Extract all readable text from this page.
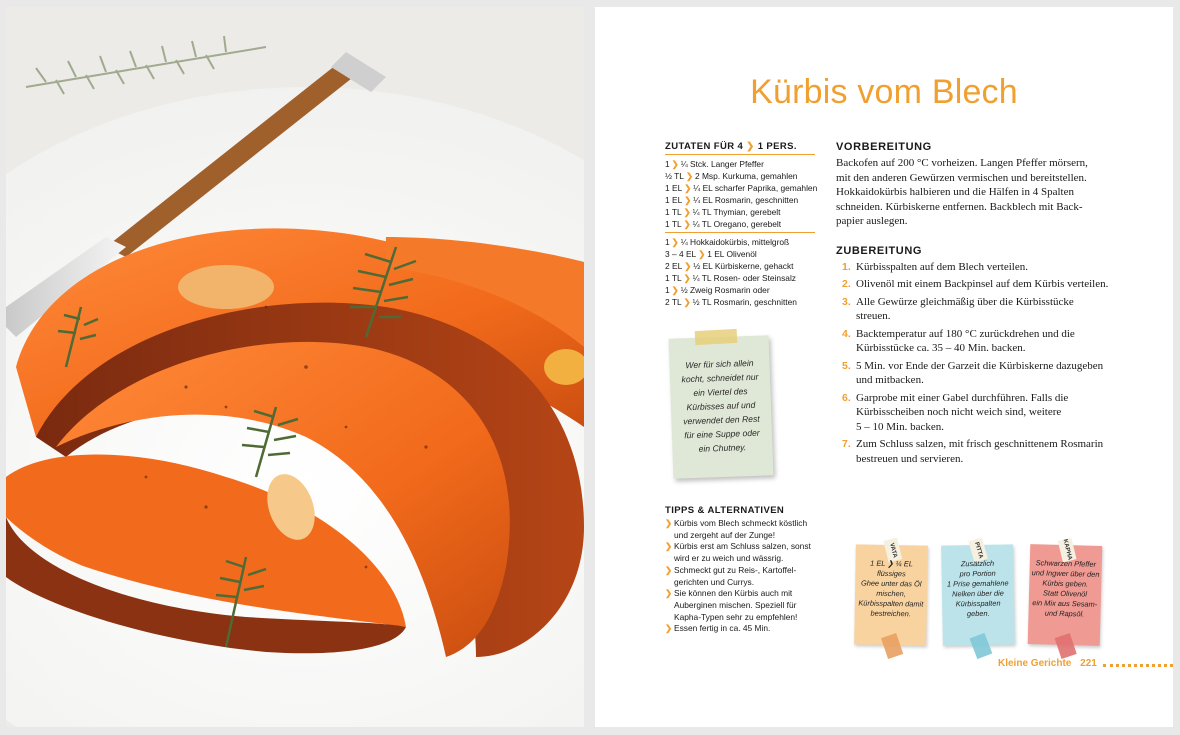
Kürbis vom Blech
ZUTATEN FÜR 4 ❯ 1 PERS.
1 ❯ ¼ Stck. Langer Pfeffer
½ TL ❯ 2 Msp. Kurkuma, gemahlen
1 EL ❯ ¼ EL scharfer Paprika, gemahlen
1 EL ❯ ¼ EL Rosmarin, geschnitten
1 TL ❯ ¼ TL Thymian, gerebelt
1 TL ❯ ¼ TL Oregano, gerebelt
1 ❯ ¼ Hokkaidokürbis, mittelgroß
3 – 4 EL ❯ 1 EL Olivenöl
2 EL ❯ ½ EL Kürbiskerne, gehackt
1 TL ❯ ¼ TL Rosen- oder Steinsalz
1 ❯ ½ Zweig Rosmarin oder
2 TL ❯ ½ TL Rosmarin, geschnitten
Wer für sich allein
kocht, schneidet nur
ein Viertel des
Kürbisses auf und
verwendet den Rest
für eine Suppe oder
ein Chutney.
TIPPS & ALTERNATIVEN
❯ Kürbis vom Blech schmeckt köstlich
und zergeht auf der Zunge!
❯ Kürbis erst am Schluss salzen, sonst
wird er zu weich und wässrig.
❯ Schmeckt gut zu Reis-, Kartoffel-
gerichten und Currys.
❯ Sie können den Kürbis auch mit
Auberginen mischen. Speziell für
Kapha-Typen sehr zu empfehlen!
❯ Essen fertig in ca. 45 Min.
VORBEREITUNG
Backofen auf 200 °C vorheizen. Langen Pfeffer mörsern,
mit den anderen Gewürzen vermischen und bereitstellen.
Hokkaidokürbis halbieren und die Hälfen in 4 Spalten
schneiden. Kürbiskerne entfernen. Backblech mit Back-
papier auslegen.
ZUBEREITUNG
1. Kürbisspalten auf dem Blech verteilen.
2. Olivenöl mit einem Backpinsel auf dem Kürbis verteilen.
3. Alle Gewürze gleichmäßig über die Kürbisstücke
streuen.
4. Backtemperatur auf 180 °C zurückdrehen und die
Kürbisstücke ca. 35 – 40 Min. backen.
5. 5 Min. vor Ende der Garzeit die Kürbiskerne dazugeben
und mitbacken.
6. Garprobe mit einer Gabel durchführen. Falls die
Kürbisscheiben noch nicht weich sind, weitere
5 – 10 Min. backen.
7. Zum Schluss salzen, mit frisch geschnittenem Rosmarin
bestreuen und servieren.
VATA
1 EL ❯ ¼ EL flüssiges
Ghee unter das Öl
mischen,
Kürbisspalten damit
bestreichen.
PITTA
Zusätzlich
pro Portion
1 Prise gemahlene
Nelken über die
Kürbisspalten
geben.
KAPHA
Schwarzen Pfeffer
und Ingwer über den
Kürbis geben.
Statt Olivenöl
ein Mix aus Sesam-
und Rapsöl.
Kleine Gerichte 221
